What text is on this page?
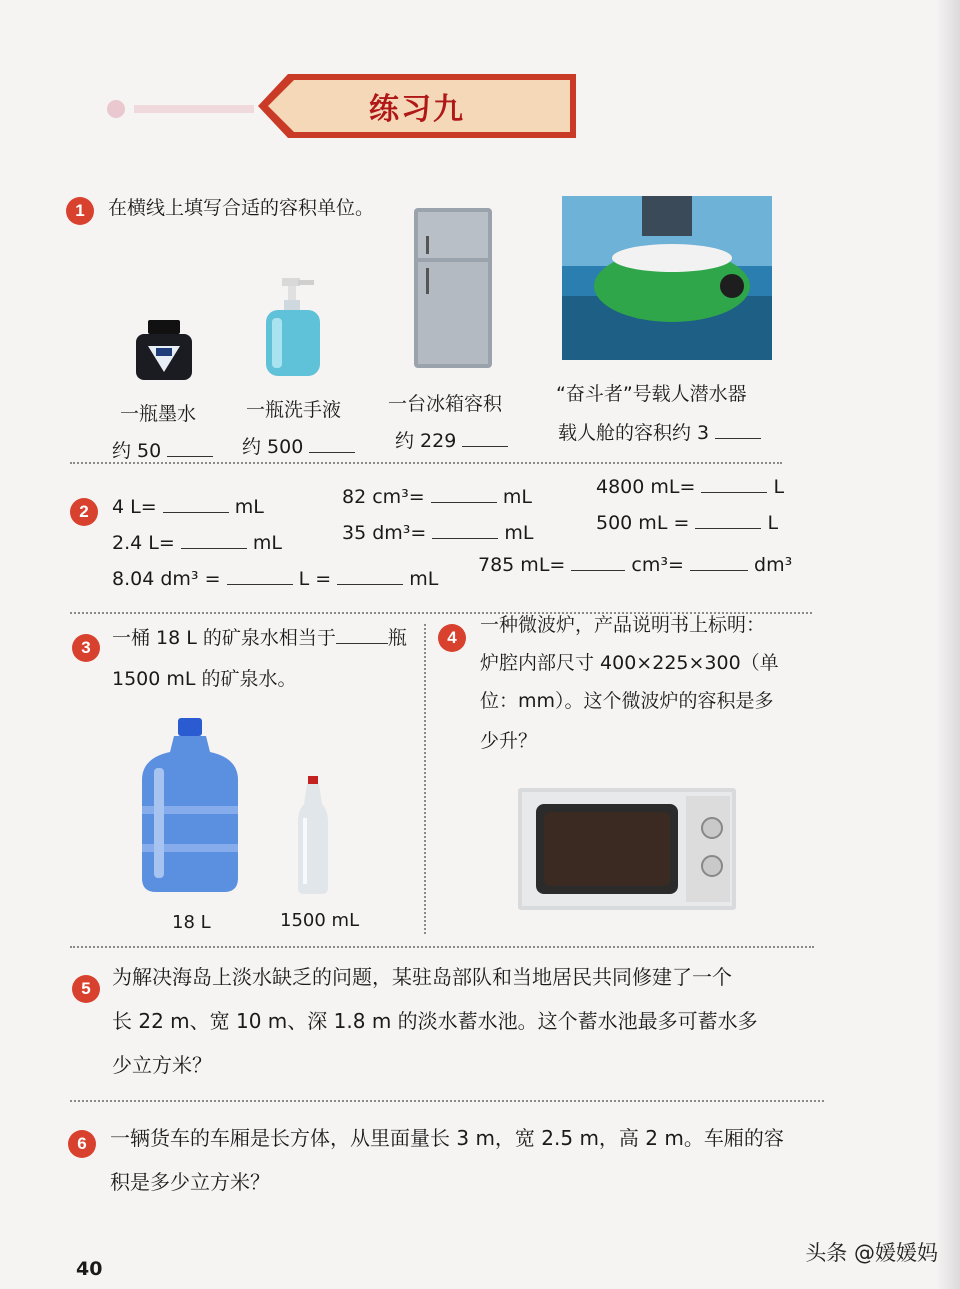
练习九
1	在横线上填写合适的容积单位。
一瓶墨水
约 50
一瓶洗手液
约 500
一台冰箱容积
约 229
“奋斗者”号载人潜水器
载人舱的容积约 3
2	4 L=	mL	82 cm³=	mL	4800 mL=	L
2.4 L=	mL	35 dm³=	mL	500 mL =	L
8.04 dm³ =	L =	mL
785 mL=	cm³=	dm³
3	一桶 18 L 的矿泉水相当于	瓶
1500 mL 的矿泉水。
18 L	1500 mL
4
一种微波炉，产品说明书上标明：
炉腔内部尺寸 400×225×300（单
位：mm）。这个微波炉的容积是多
少升？
5	为解决海岛上淡水缺乏的问题，某驻岛部队和当地居民共同修建了一个
长 22 m、宽 10 m、深 1.8 m 的淡水蓄水池。这个蓄水池最多可蓄水多
少立方米？
6	一辆货车的车厢是长方体，从里面量长 3 m，宽 2.5 m，高 2 m。车厢的容
积是多少立方米？
40
头条 @媛媛妈
